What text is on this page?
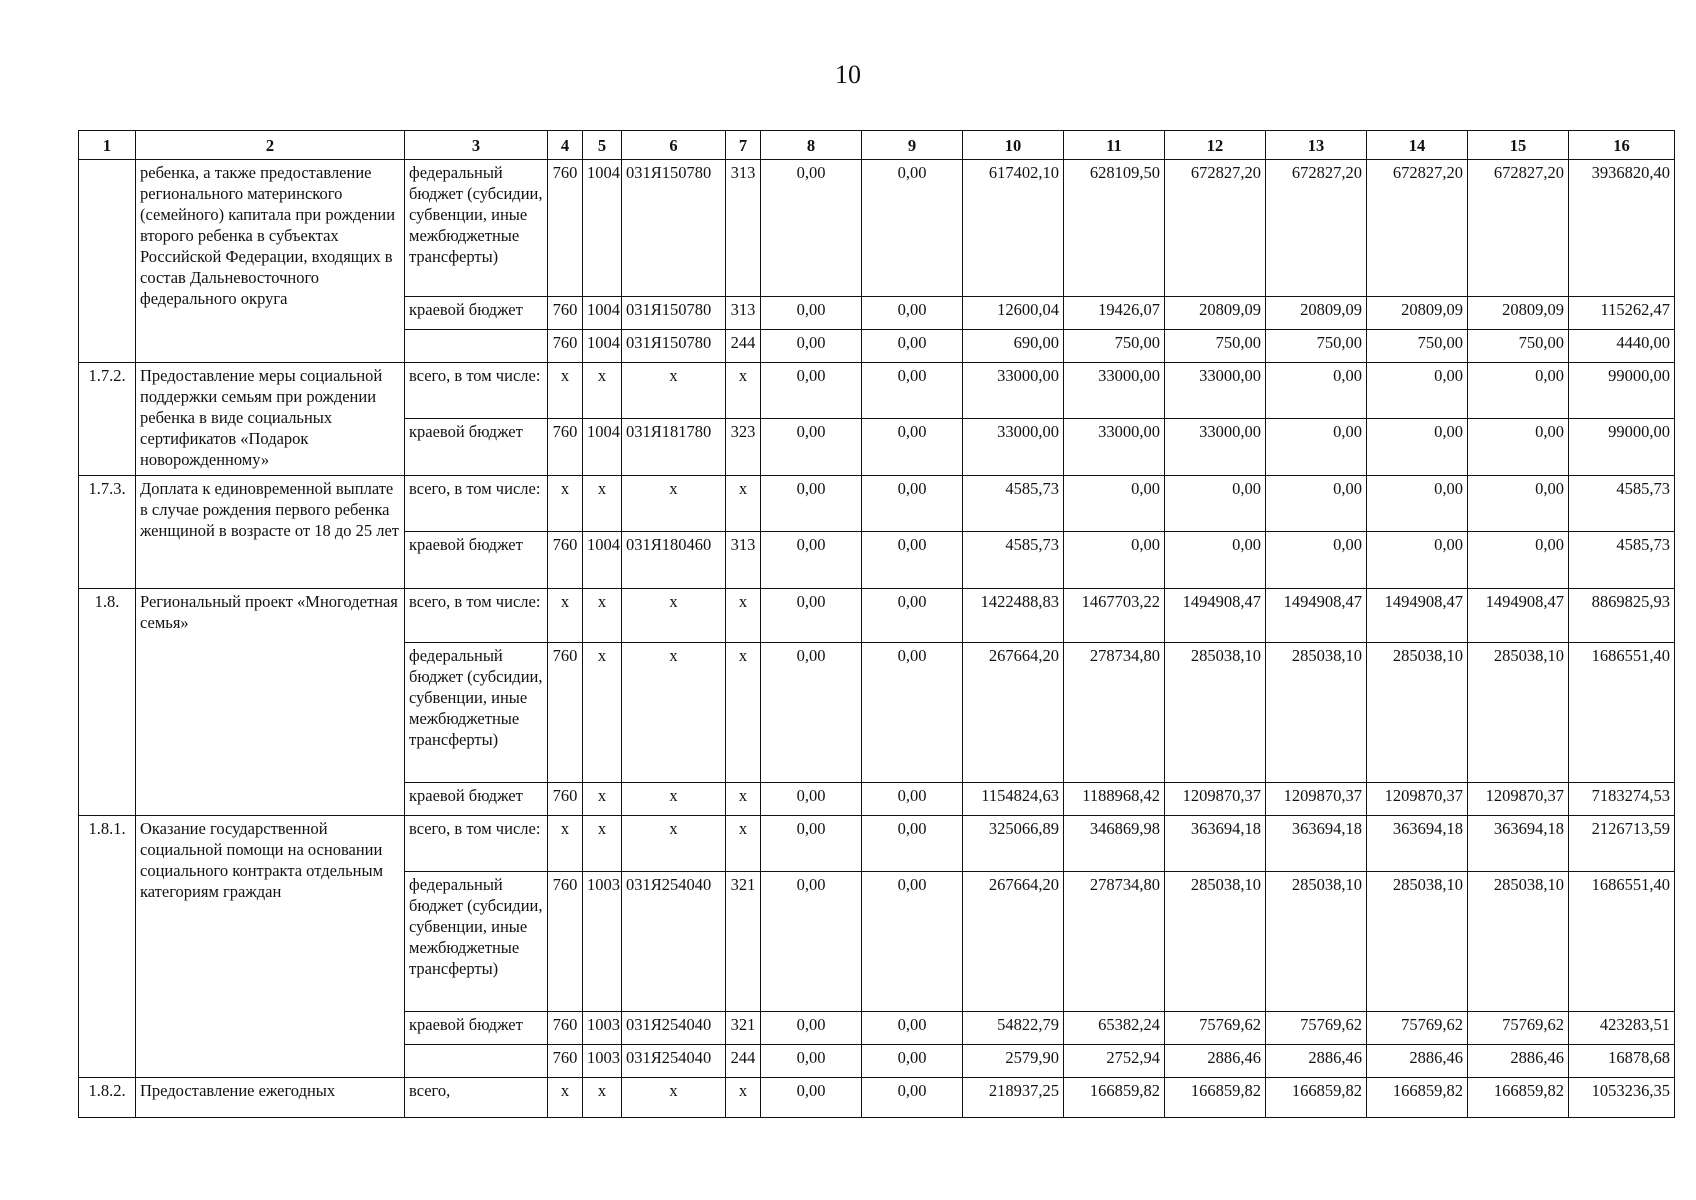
10
1	2	3	4	5	6	7	8	9	10	11	12	13	14	15	16
	ребенка, а также предоставление регионального материнского (семейного) капитала при рождении второго ребенка в субъектах Российской Федерации, входящих в состав Дальневосточного федерального округа	федеральный бюджет (субсидии, субвенции, иные межбюджетные трансферты)	760	1004	031Я150780	313	0,00	0,00	617402,10	628109,50	672827,20	672827,20	672827,20	672827,20	3936820,40
		краевой бюджет	760	1004	031Я150780	313	0,00	0,00	12600,04	19426,07	20809,09	20809,09	20809,09	20809,09	115262,47
			760	1004	031Я150780	244	0,00	0,00	690,00	750,00	750,00	750,00	750,00	750,00	4440,00
1.7.2.	Предоставление меры социальной поддержки семьям при рождении ребенка в виде социальных сертификатов «Подарок новорожденному»	всего, в том числе:	х	х	х	х	0,00	0,00	33000,00	33000,00	33000,00	0,00	0,00	0,00	99000,00
		краевой бюджет	760	1004	031Я181780	323	0,00	0,00	33000,00	33000,00	33000,00	0,00	0,00	0,00	99000,00
1.7.3.	Доплата к единовременной выплате в случае рождения первого ребенка женщиной в возрасте от 18 до 25 лет	всего, в том числе:	х	х	х	х	0,00	0,00	4585,73	0,00	0,00	0,00	0,00	0,00	4585,73
		краевой бюджет	760	1004	031Я180460	313	0,00	0,00	4585,73	0,00	0,00	0,00	0,00	0,00	4585,73
1.8.	Региональный проект «Многодетная семья»	всего, в том числе:	х	х	х	х	0,00	0,00	1422488,83	1467703,22	1494908,47	1494908,47	1494908,47	1494908,47	8869825,93
		федеральный бюджет (субсидии, субвенции, иные межбюджетные трансферты)	760	х	х	х	0,00	0,00	267664,20	278734,80	285038,10	285038,10	285038,10	285038,10	1686551,40
		краевой бюджет	760	х	х	х	0,00	0,00	1154824,63	1188968,42	1209870,37	1209870,37	1209870,37	1209870,37	7183274,53
1.8.1.	Оказание государственной социальной помощи на основании социального контракта отдельным категориям граждан	всего, в том числе:	х	х	х	х	0,00	0,00	325066,89	346869,98	363694,18	363694,18	363694,18	363694,18	2126713,59
		федеральный бюджет (субсидии, субвенции, иные межбюджетные трансферты)	760	1003	031Я254040	321	0,00	0,00	267664,20	278734,80	285038,10	285038,10	285038,10	285038,10	1686551,40
		краевой бюджет	760	1003	031Я254040	321	0,00	0,00	54822,79	65382,24	75769,62	75769,62	75769,62	75769,62	423283,51
			760	1003	031Я254040	244	0,00	0,00	2579,90	2752,94	2886,46	2886,46	2886,46	2886,46	16878,68
1.8.2.	Предоставление ежегодных	всего,	х	х	х	х	0,00	0,00	218937,25	166859,82	166859,82	166859,82	166859,82	166859,82	1053236,35
